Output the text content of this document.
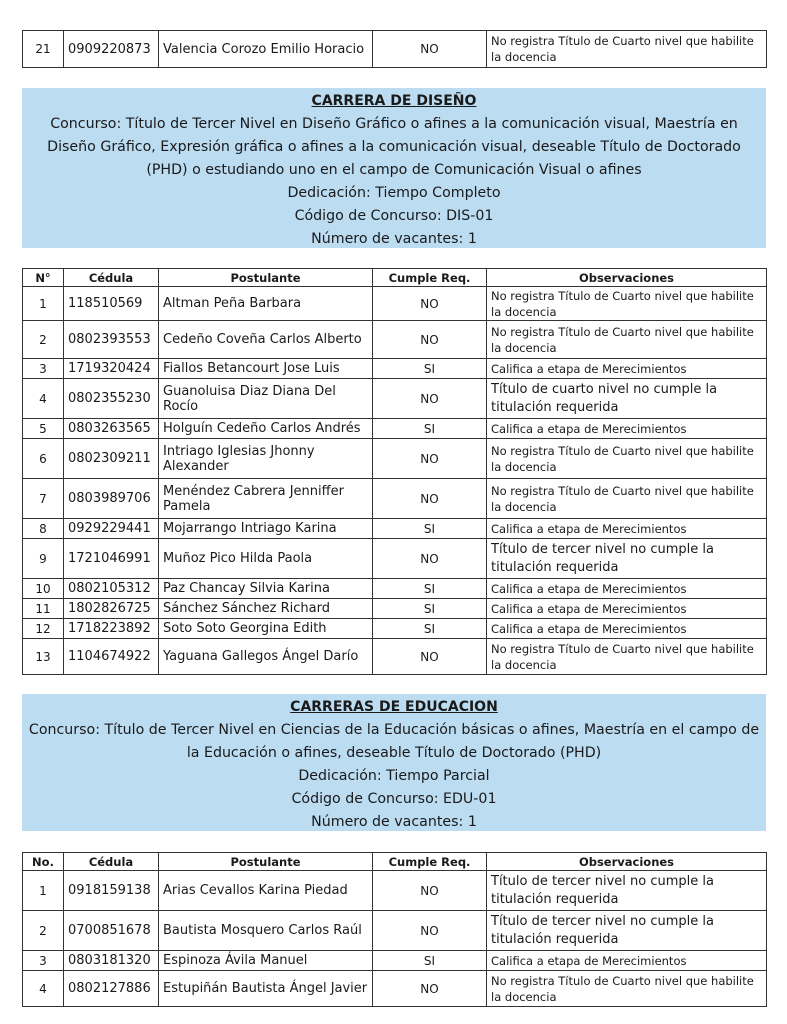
21	0909220873	Valencia Corozo Emilio Horacio	NO	No registra Título de Cuarto nivel que habilite la docencia
CARRERA DE DISEÑO
Concurso: Título de Tercer Nivel en Diseño Gráfico o afines a la comunicación visual, Maestría en Diseño Gráfico, Expresión gráfica o afines a la comunicación visual, deseable Título de Doctorado (PHD) o estudiando uno en el campo de Comunicación Visual o afines
Dedicación: Tiempo Completo
Código de Concurso: DIS-01
Número de vacantes: 1
N°	Cédula	Postulante	Cumple Req.	Observaciones
1	118510569	Altman Peña Barbara	NO	No registra Título de Cuarto nivel que habilite la docencia
2	0802393553	Cedeño Coveña Carlos Alberto	NO	No registra Título de Cuarto nivel que habilite la docencia
3	1719320424	Fiallos Betancourt Jose Luis	SI	Califica a etapa de Merecimientos
4	0802355230	Guanoluisa Diaz Diana Del Rocío	NO	Título de cuarto nivel no cumple la titulación requerida
5	0803263565	Holguín Cedeño Carlos Andrés	SI	Califica a etapa de Merecimientos
6	0802309211	Intriago Iglesias Jhonny Alexander	NO	No registra Título de Cuarto nivel que habilite la docencia
7	0803989706	Menéndez Cabrera Jenniffer Pamela	NO	No registra Título de Cuarto nivel que habilite la docencia
8	0929229441	Mojarrango Intriago Karina	SI	Califica a etapa de Merecimientos
9	1721046991	Muñoz Pico Hilda Paola	NO	Título de tercer nivel no cumple la titulación requerida
10	0802105312	Paz Chancay Silvia Karina	SI	Califica a etapa de Merecimientos
11	1802826725	Sánchez Sánchez Richard	SI	Califica a etapa de Merecimientos
12	1718223892	Soto Soto Georgina Edith	SI	Califica a etapa de Merecimientos
13	1104674922	Yaguana Gallegos Ángel Darío	NO	No registra Título de Cuarto nivel que habilite la docencia
CARRERAS DE EDUCACION
Concurso: Título de Tercer Nivel en Ciencias de la Educación básicas o afines, Maestría en el campo de la Educación o afines, deseable Título de Doctorado (PHD)
Dedicación: Tiempo Parcial
Código de Concurso: EDU-01
Número de vacantes: 1
No.	Cédula	Postulante	Cumple Req.	Observaciones
1	0918159138	Arias Cevallos Karina Piedad	NO	Título de tercer nivel no cumple la titulación requerida
2	0700851678	Bautista Mosquero Carlos Raúl	NO	Título de tercer nivel no cumple la titulación requerida
3	0803181320	Espinoza Ávila Manuel	SI	Califica a etapa de Merecimientos
4	0802127886	Estupiñán Bautista Ángel Javier	NO	No registra Título de Cuarto nivel que habilite la docencia
